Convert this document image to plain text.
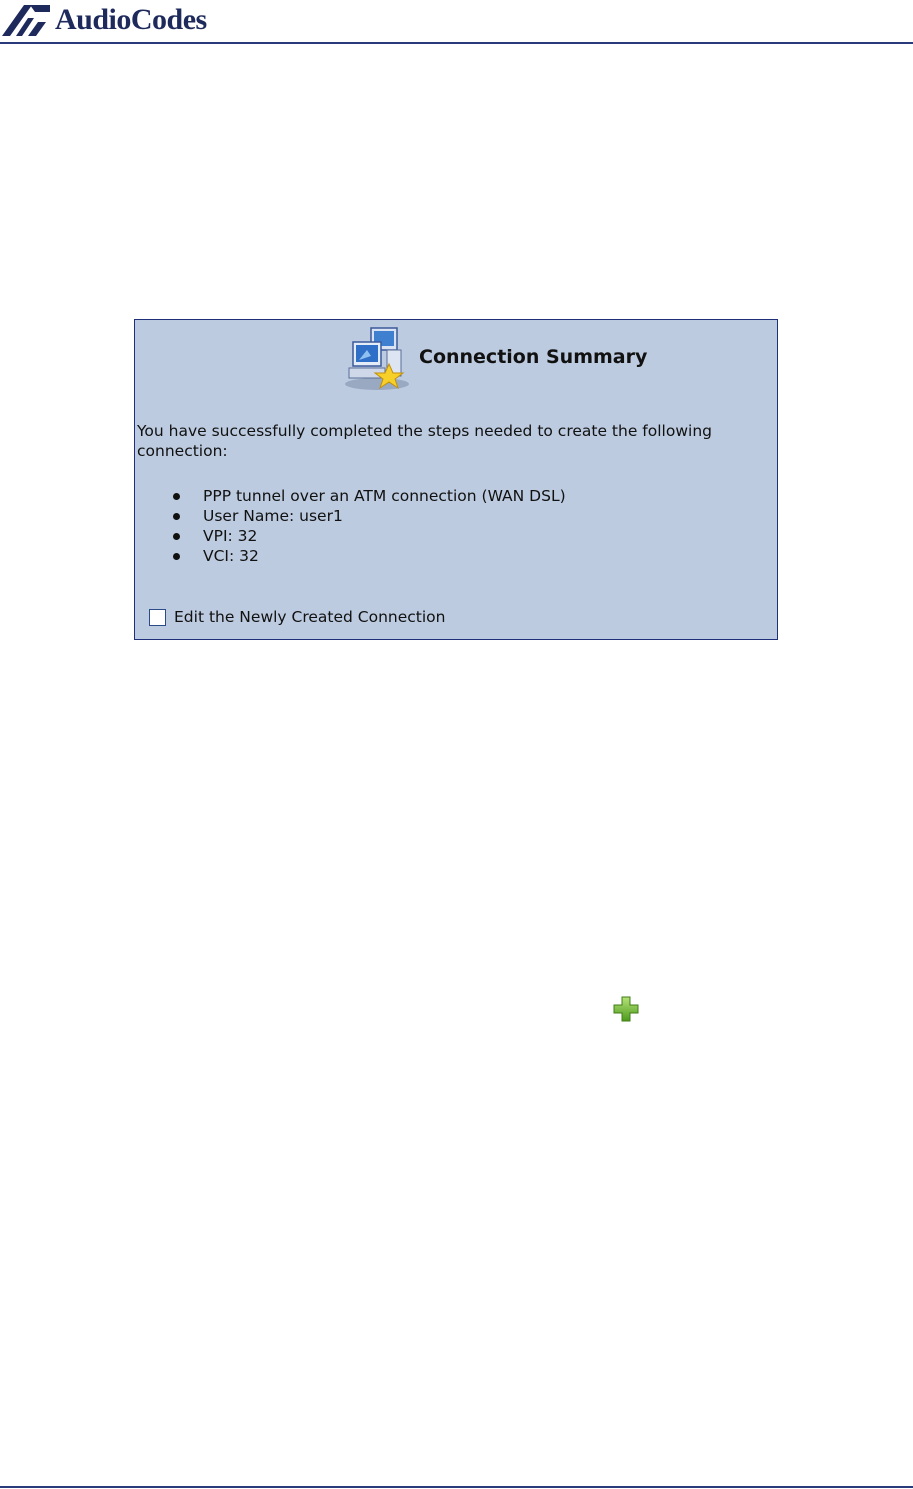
AudioCodes
Connection Summary
You have successfully completed the steps needed to create the following connection:
PPP tunnel over an ATM connection (WAN DSL)
User Name: user1
VPI: 32
VCI: 32
Edit the Newly Created Connection
